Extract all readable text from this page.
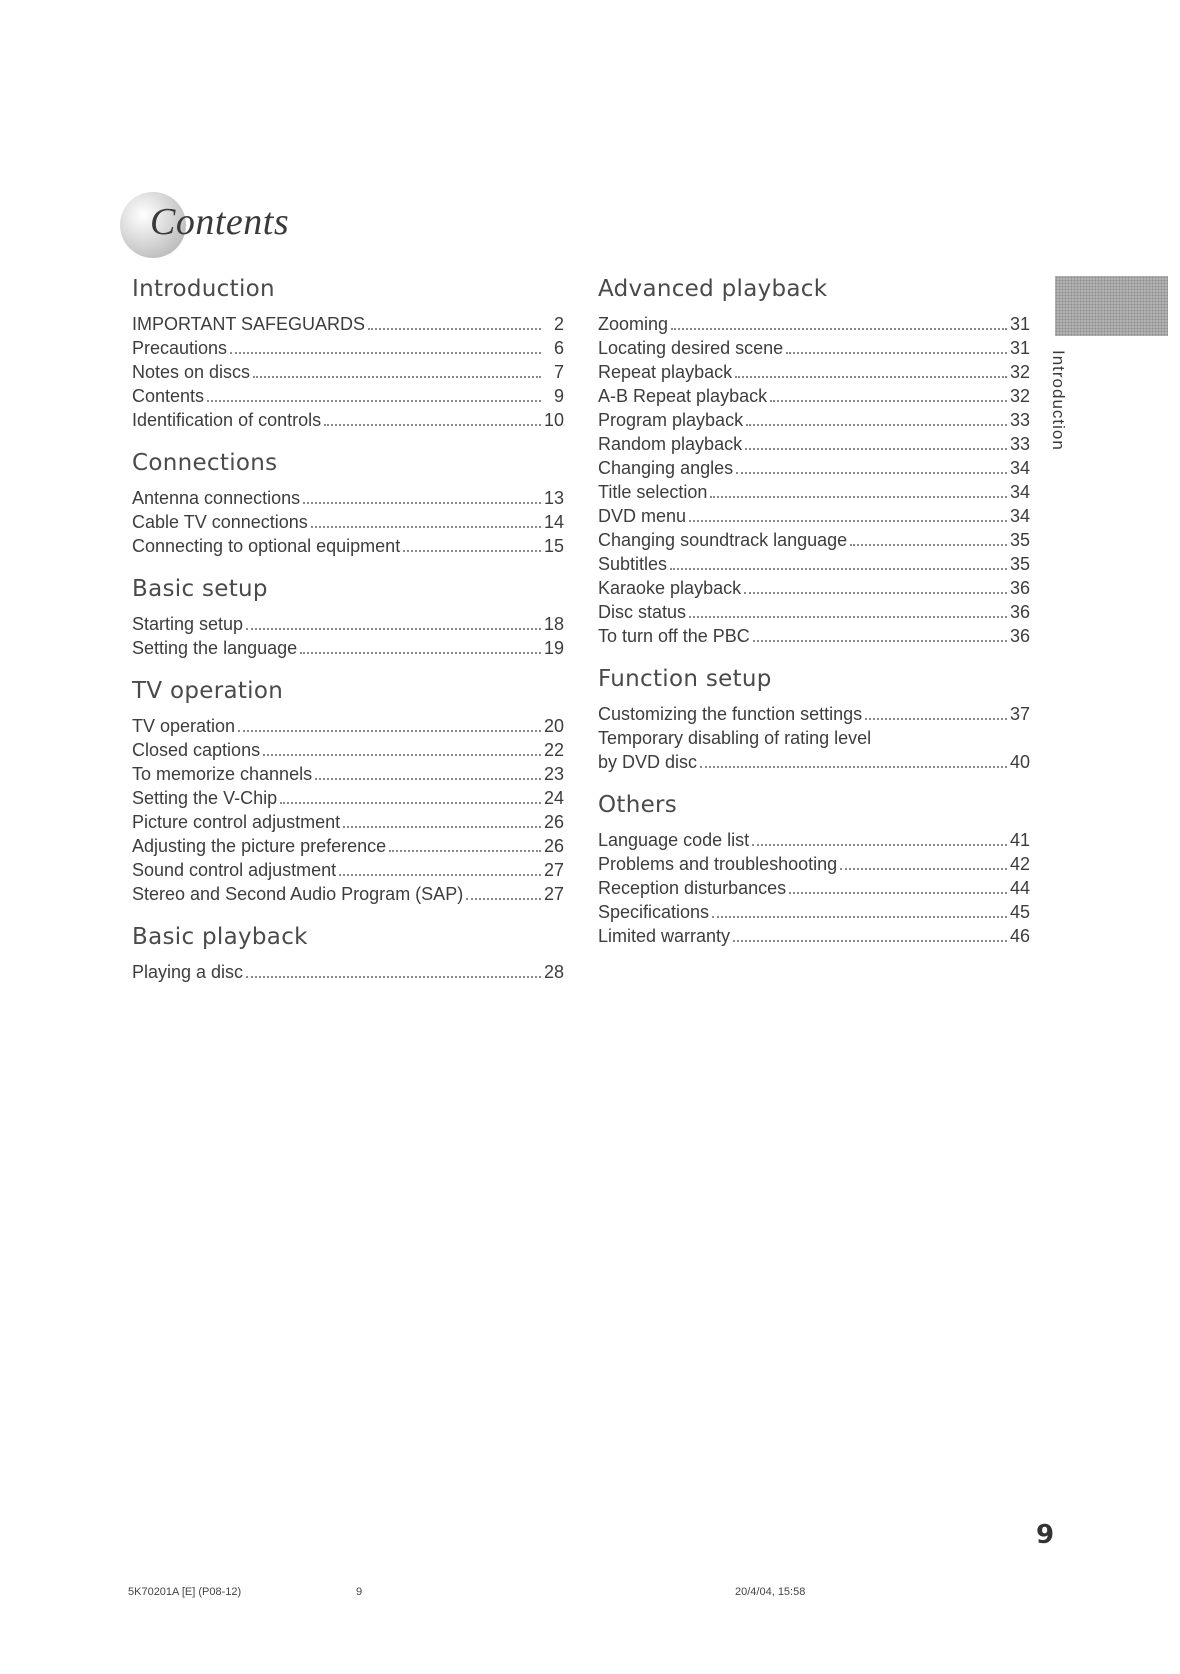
Contents
Introduction
IMPORTANT SAFEGUARDS	2
Precautions	6
Notes on discs	7
Contents	9
Identification of controls	10
Connections
Antenna connections	13
Cable TV connections	14
Connecting to optional equipment	15
Basic setup
Starting setup	18
Setting the language	19
TV operation
TV operation	20
Closed captions	22
To memorize channels	23
Setting the V-Chip	24
Picture control adjustment	26
Adjusting the picture preference	26
Sound control adjustment	27
Stereo and Second Audio Program (SAP)	27
Basic playback
Playing a disc	28
Advanced playback
Zooming	31
Locating desired scene	31
Repeat playback	32
A-B Repeat playback	32
Program playback	33
Random playback	33
Changing angles	34
Title selection	34
DVD menu	34
Changing soundtrack language	35
Subtitles	35
Karaoke playback	36
Disc status	36
To turn off the PBC	36
Function setup
Customizing the function settings	37
Temporary disabling of rating level
by DVD disc	40
Others
Language code list	41
Problems and troubleshooting	42
Reception disturbances	44
Specifications	45
Limited warranty	46
Introduction
9
5K70201A [E] (P08-12)	9	20/4/04, 15:58
